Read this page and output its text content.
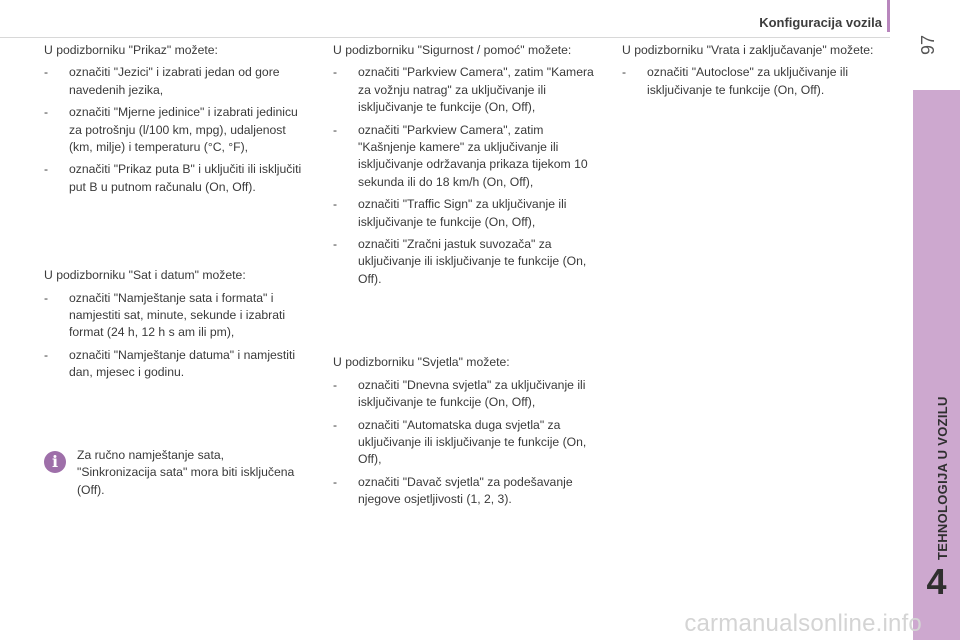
Konfiguracija vozila
97
TEHNOLOGIJA U VOZILU
4

U podizborniku "Prikaz" možete:

- označiti "Jezici" i izabrati jedan od gore navedenih jezika,
- označiti "Mjerne jedinice" i izabrati jedinicu za potrošnju (l/100 km, mpg), udaljenost (km, milje) i temperaturu (°C, °F),
- označiti "Prikaz puta B" i uključiti ili isključiti put B u putnom računalu (On, Off).

U podizborniku "Sat i datum" možete:

- označiti "Namještanje sata i formata" i namjestiti sat, minute, sekunde i izabrati format (24 h, 12 h s am ili pm),
- označiti "Namještanje datuma" i namjestiti dan, mjesec i godinu.
i	Za ručno namještanje sata, "Sinkronizacija sata" mora biti isključena (Off).

U podizborniku "Sigurnost / pomoć" možete:

- označiti "Parkview Camera", zatim "Kamera za vožnju natrag" za uključivanje ili isključivanje te funkcije (On, Off),
- označiti "Parkview Camera", zatim "Kašnjenje kamere" za uključivanje ili isključivanje održavanja prikaza tijekom 10 sekunda ili do 18 km/h (On, Off),
- označiti "Traffic Sign" za uključivanje ili isključivanje te funkcije (On, Off),
- označiti "Zračni jastuk suvozača" za uključivanje ili isključivanje te funkcije (On, Off).

U podizborniku "Svjetla" možete:

- označiti "Dnevna svjetla" za uključivanje ili isključivanje te funkcije (On, Off),
- označiti "Automatska duga svjetla" za uključivanje ili isključivanje te funkcije (On, Off),
- označiti "Davač svjetla" za podešavanje njegove osjetljivosti (1, 2, 3).

U podizborniku "Vrata i zaključavanje" možete:

- označiti "Autoclose" za uključivanje ili isključivanje te funkcije (On, Off).
carmanualsonline.info
